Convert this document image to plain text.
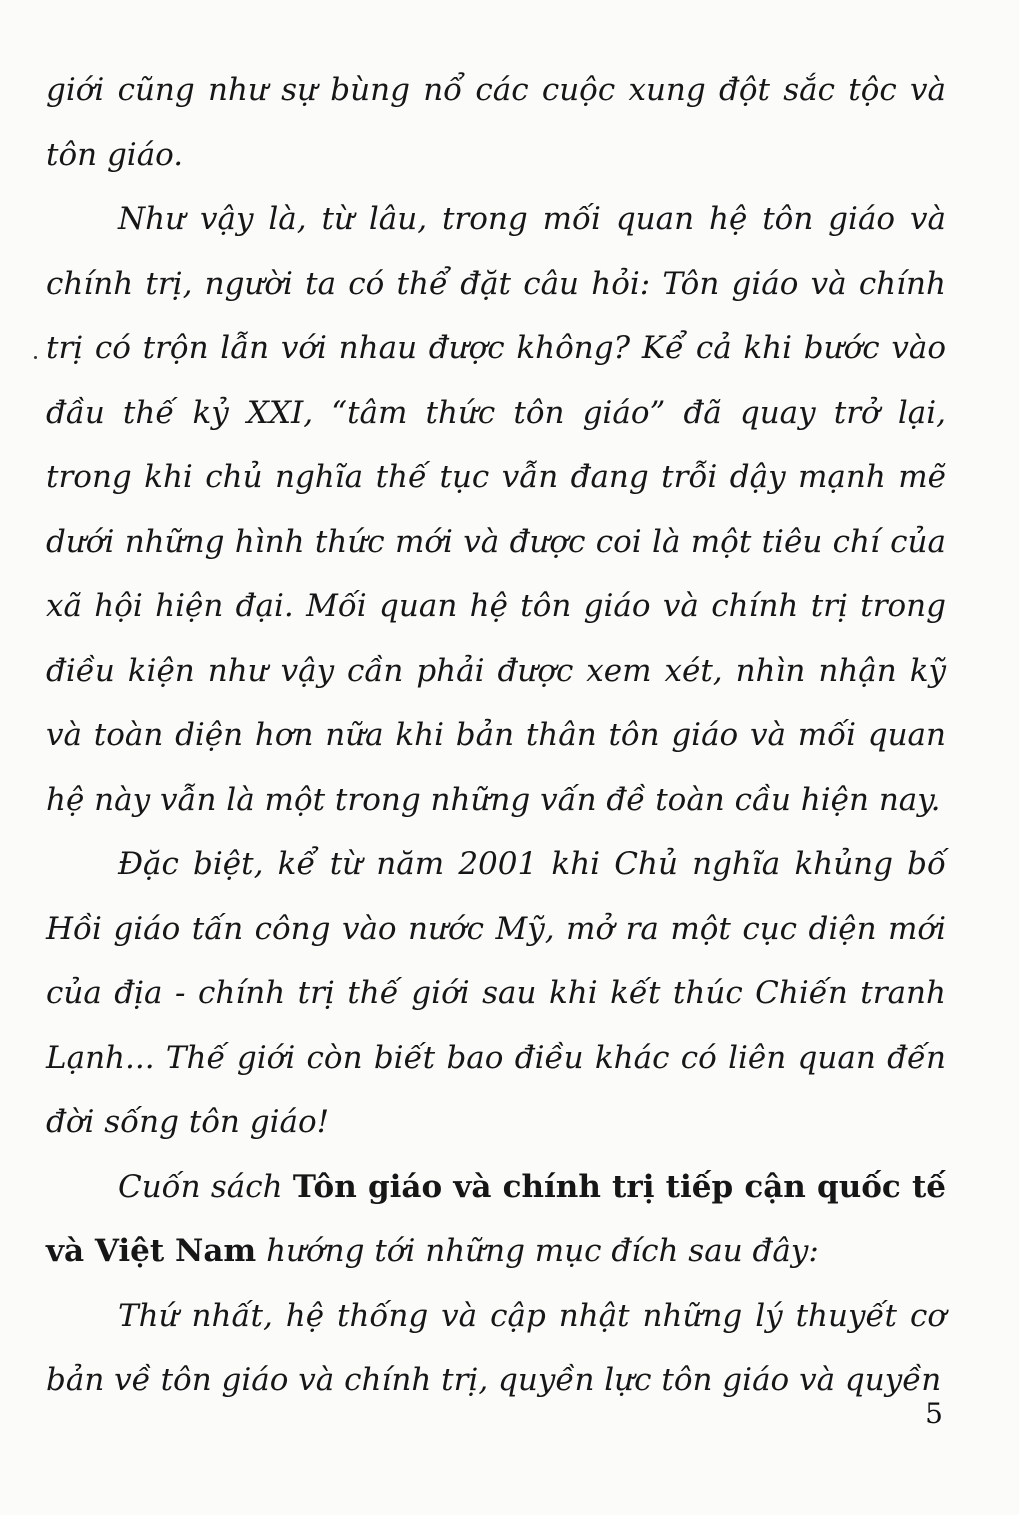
giới cũng như sự bùng nổ các cuộc xung đột sắc tộc và tôn giáo.

Như vậy là, từ lâu, trong mối quan hệ tôn giáo và chính trị, người ta có thể đặt câu hỏi: Tôn giáo và chính trị có trộn lẫn với nhau được không? Kể cả khi bước vào đầu thế kỷ XXI, “tâm thức tôn giáo” đã quay trở lại, trong khi chủ nghĩa thế tục vẫn đang trỗi dậy mạnh mẽ dưới những hình thức mới và được coi là một tiêu chí của xã hội hiện đại. Mối quan hệ tôn giáo và chính trị trong điều kiện như vậy cần phải được xem xét, nhìn nhận kỹ và toàn diện hơn nữa khi bản thân tôn giáo và mối quan hệ này vẫn là một trong những vấn đề toàn cầu hiện nay.

Đặc biệt, kể từ năm 2001 khi Chủ nghĩa khủng bố Hồi giáo tấn công vào nước Mỹ, mở ra một cục diện mới của địa - chính trị thế giới sau khi kết thúc Chiến tranh Lạnh... Thế giới còn biết bao điều khác có liên quan đến đời sống tôn giáo!

Cuốn sách Tôn giáo và chính trị tiếp cận quốc tế và Việt Nam hướng tới những mục đích sau đây:

Thứ nhất, hệ thống và cập nhật những lý thuyết cơ bản về tôn giáo và chính trị, quyền lực tôn giáo và quyền

5
